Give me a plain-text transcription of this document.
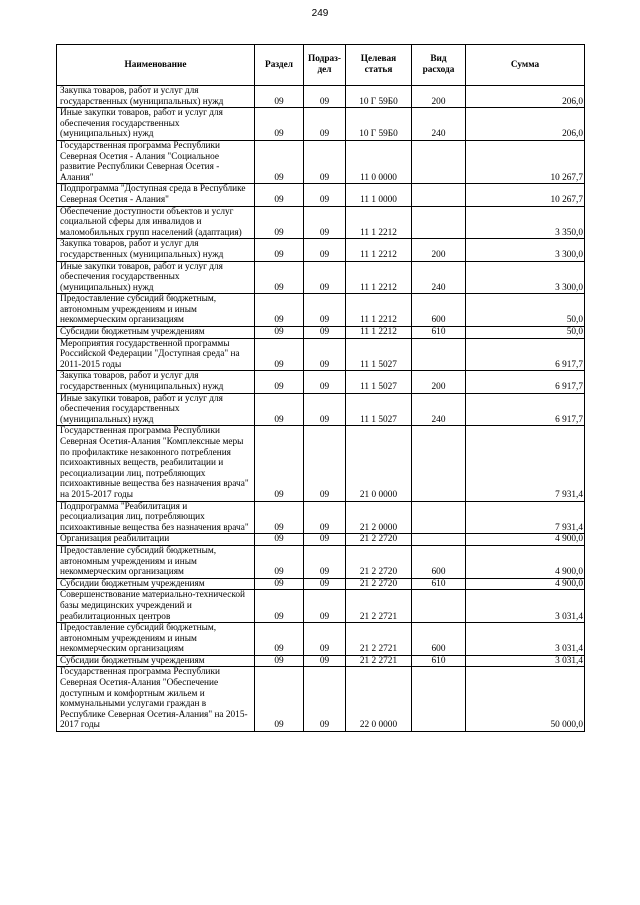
249
Наименование	Раздел	Подраз-дел	Целевая статья	Вид расхода	Сумма
Закупка товаров, работ и услуг для государственных (муниципальных) нужд	09	09	10 Г 59Б0	200	206,0
Иные закупки товаров, работ и услуг для обеспечения государственных (муниципальных) нужд	09	09	10 Г 59Б0	240	206,0
Государственная программа Республики Северная Осетия - Алания "Социальное развитие Республики Северная Осетия - Алания"	09	09	11 0 0000		10 267,7
Подпрограмма "Доступная среда в Республике Северная Осетия - Алания"	09	09	11 1 0000		10 267,7
Обеспечение доступности объектов и услуг социальной сферы для инвалидов и маломобильных групп населений (адаптация)	09	09	11 1 2212		3 350,0
Закупка товаров, работ и услуг для государственных (муниципальных) нужд	09	09	11 1 2212	200	3 300,0
Иные закупки товаров, работ и услуг для обеспечения государственных (муниципальных) нужд	09	09	11 1 2212	240	3 300,0
Предоставление субсидий бюджетным, автономным учреждениям и иным некоммерческим организациям	09	09	11 1 2212	600	50,0
Субсидии бюджетным учреждениям	09	09	11 1 2212	610	50,0
Мероприятия государственной программы Российской Федерации "Доступная среда" на 2011-2015 годы	09	09	11 1 5027		6 917,7
Закупка товаров, работ и услуг для государственных (муниципальных) нужд	09	09	11 1 5027	200	6 917,7
Иные закупки товаров, работ и услуг для обеспечения государственных (муниципальных) нужд	09	09	11 1 5027	240	6 917,7
Государственная программа Республики Северная Осетия-Алания "Комплексные меры по профилактике незаконного потребления психоактивных веществ, реабилитации и ресоциализации лиц, потребляющих психоактивные вещества без назначения врача" на 2015-2017 годы	09	09	21 0 0000		7 931,4
Подпрограмма "Реабилитация и ресоциализация лиц, потребляющих психоактивные вещества без назначения врача"	09	09	21 2 0000		7 931,4
Организация реабилитации	09	09	21 2 2720		4 900,0
Предоставление субсидий бюджетным, автономным учреждениям и иным некоммерческим организациям	09	09	21 2 2720	600	4 900,0
Субсидии бюджетным учреждениям	09	09	21 2 2720	610	4 900,0
Совершенствование материально-технической базы медицинских учреждений и реабилитационных центров	09	09	21 2 2721		3 031,4
Предоставление субсидий бюджетным, автономным учреждениям и иным некоммерческим организациям	09	09	21 2 2721	600	3 031,4
Субсидии бюджетным учреждениям	09	09	21 2 2721	610	3 031,4
Государственная программа Республики Северная Осетия-Алания "Обеспечение доступным и комфортным жильем и коммунальными услугами граждан в Республике Северная Осетия-Алания" на 2015-2017 годы	09	09	22 0 0000		50 000,0
